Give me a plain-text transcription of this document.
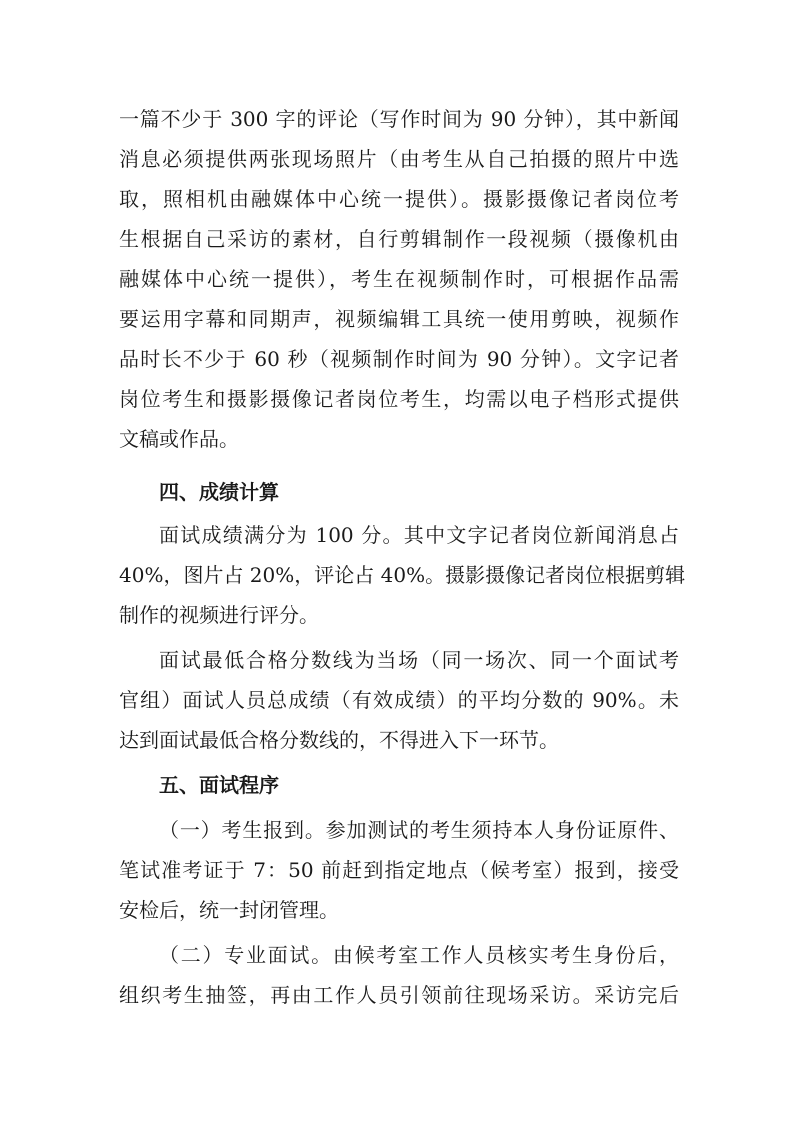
一篇不少于 300 字的评论（写作时间为 90 分钟），其中新闻
消息必须提供两张现场照片（由考生从自己拍摄的照片中选
取，照相机由融媒体中心统一提供）。摄影摄像记者岗位考
生根据自己采访的素材，自行剪辑制作一段视频（摄像机由
融媒体中心统一提供），考生在视频制作时，可根据作品需
要运用字幕和同期声，视频编辑工具统一使用剪映，视频作
品时长不少于 60 秒（视频制作时间为 90 分钟）。文字记者
岗位考生和摄影摄像记者岗位考生，均需以电子档形式提供
文稿或作品。
四、成绩计算
面试成绩满分为 100 分。其中文字记者岗位新闻消息占
40%，图片占 20%，评论占 40%。摄影摄像记者岗位根据剪辑
制作的视频进行评分。
面试最低合格分数线为当场（同一场次、同一个面试考
官组）面试人员总成绩（有效成绩）的平均分数的 90%。未
达到面试最低合格分数线的，不得进入下一环节。
五、面试程序
（一）考生报到。参加测试的考生须持本人身份证原件、
笔试准考证于 7：50 前赶到指定地点（候考室）报到，接受
安检后，统一封闭管理。
（二）专业面试。由候考室工作人员核实考生身份后，
组织考生抽签，再由工作人员引领前往现场采访。采访完后
